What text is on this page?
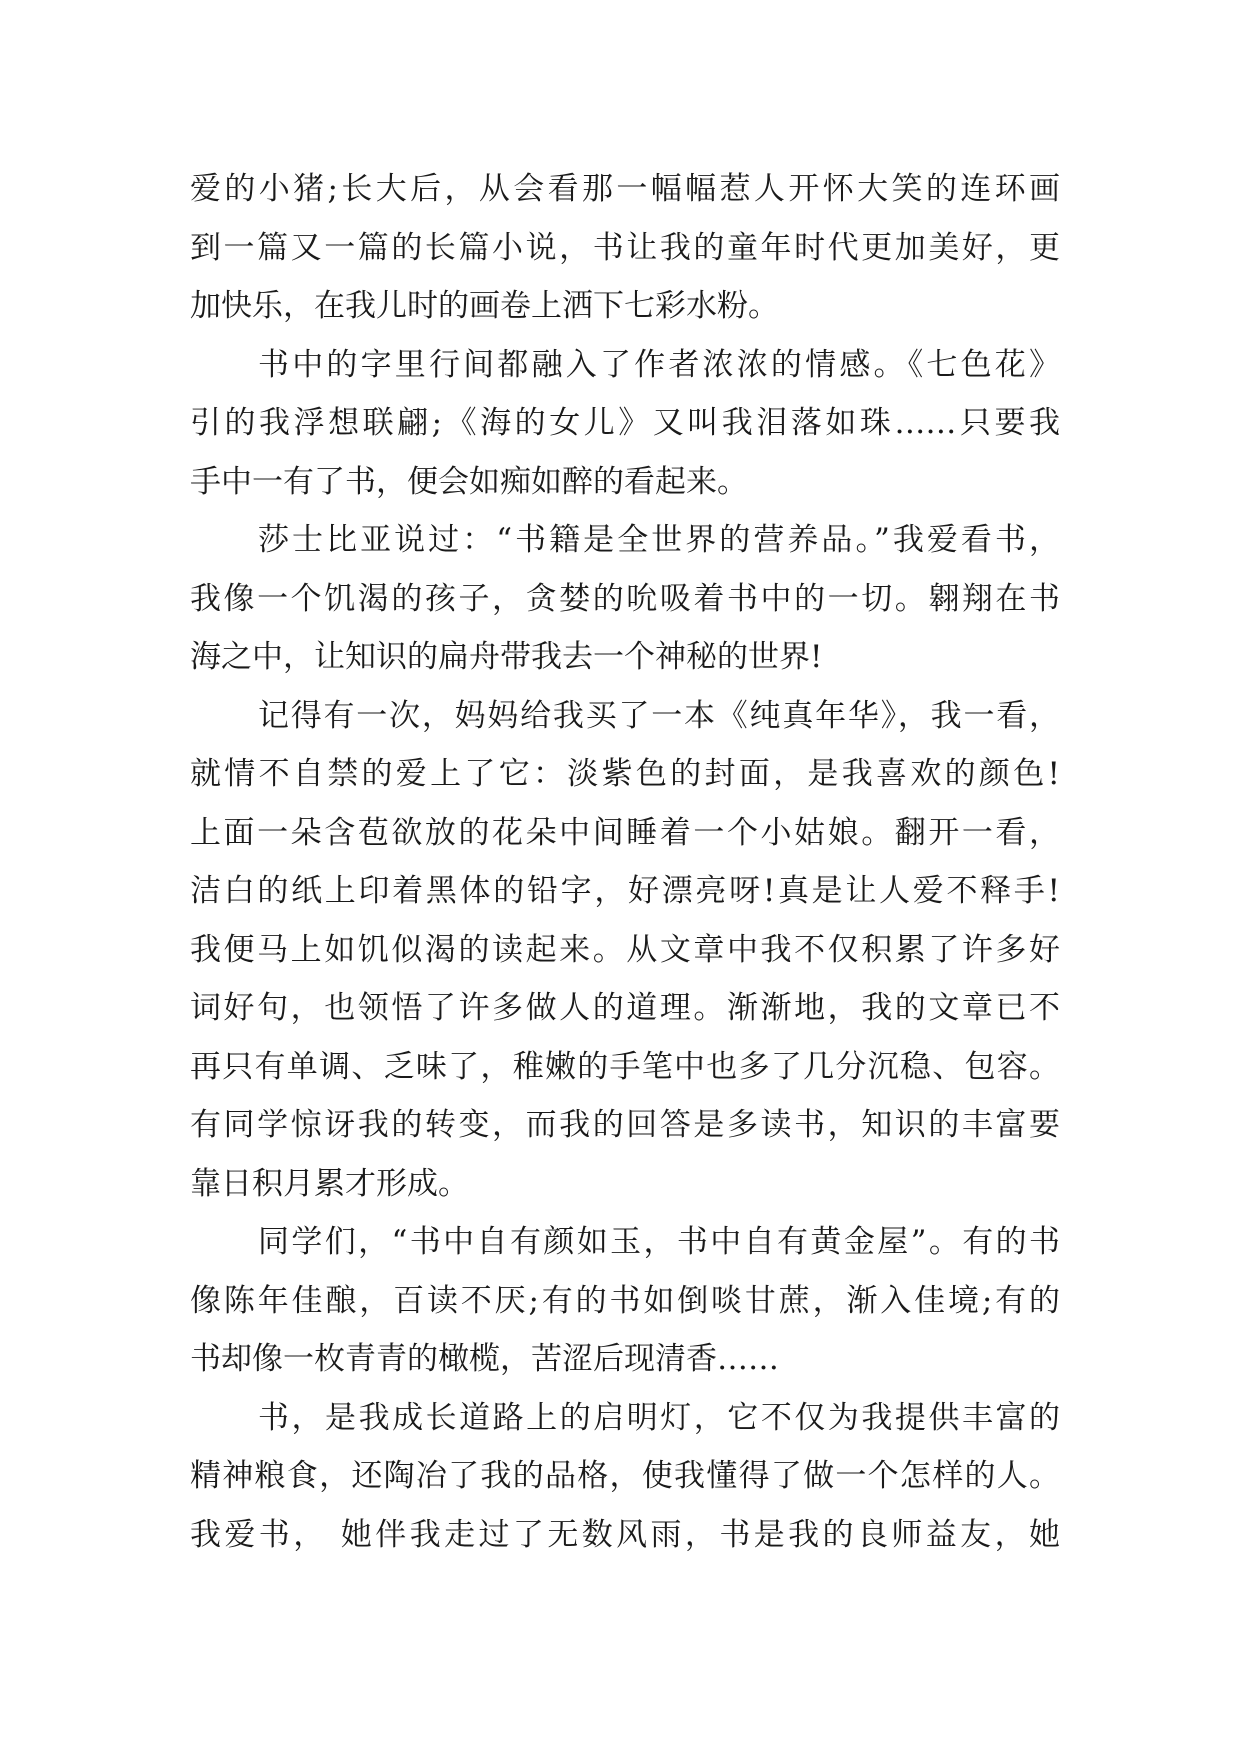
爱的小猪;长大后，从会看那一幅幅惹人开怀大笑的连环画
到一篇又一篇的长篇小说，书让我的童年时代更加美好，更
加快乐，在我儿时的画卷上洒下七彩水粉。
书中的字里行间都融入了作者浓浓的情感。《七色花》
引的我浮想联翩;《海的女儿》又叫我泪落如珠……只要我
手中一有了书，便会如痴如醉的看起来。
莎士比亚说过：“书籍是全世界的营养品。”我爱看书，
我像一个饥渴的孩子，贪婪的吮吸着书中的一切。翱翔在书
海之中，让知识的扁舟带我去一个神秘的世界!
记得有一次，妈妈给我买了一本《纯真年华》，我一看，
就情不自禁的爱上了它：淡紫色的封面，是我喜欢的颜色!
上面一朵含苞欲放的花朵中间睡着一个小姑娘。翻开一看，
洁白的纸上印着黑体的铅字，好漂亮呀!真是让人爱不释手!
我便马上如饥似渴的读起来。从文章中我不仅积累了许多好
词好句，也领悟了许多做人的道理。渐渐地，我的文章已不
再只有单调、乏味了，稚嫩的手笔中也多了几分沉稳、包容。
有同学惊讶我的转变，而我的回答是多读书，知识的丰富要
靠日积月累才形成。
同学们，“书中自有颜如玉，书中自有黄金屋”。有的书
像陈年佳酿，百读不厌;有的书如倒啖甘蔗，渐入佳境;有的
书却像一枚青青的橄榄，苦涩后现清香……
书，是我成长道路上的启明灯，它不仅为我提供丰富的
精神粮食，还陶冶了我的品格，使我懂得了做一个怎样的人。
我爱书， 她伴我走过了无数风雨，书是我的良师益友，她
